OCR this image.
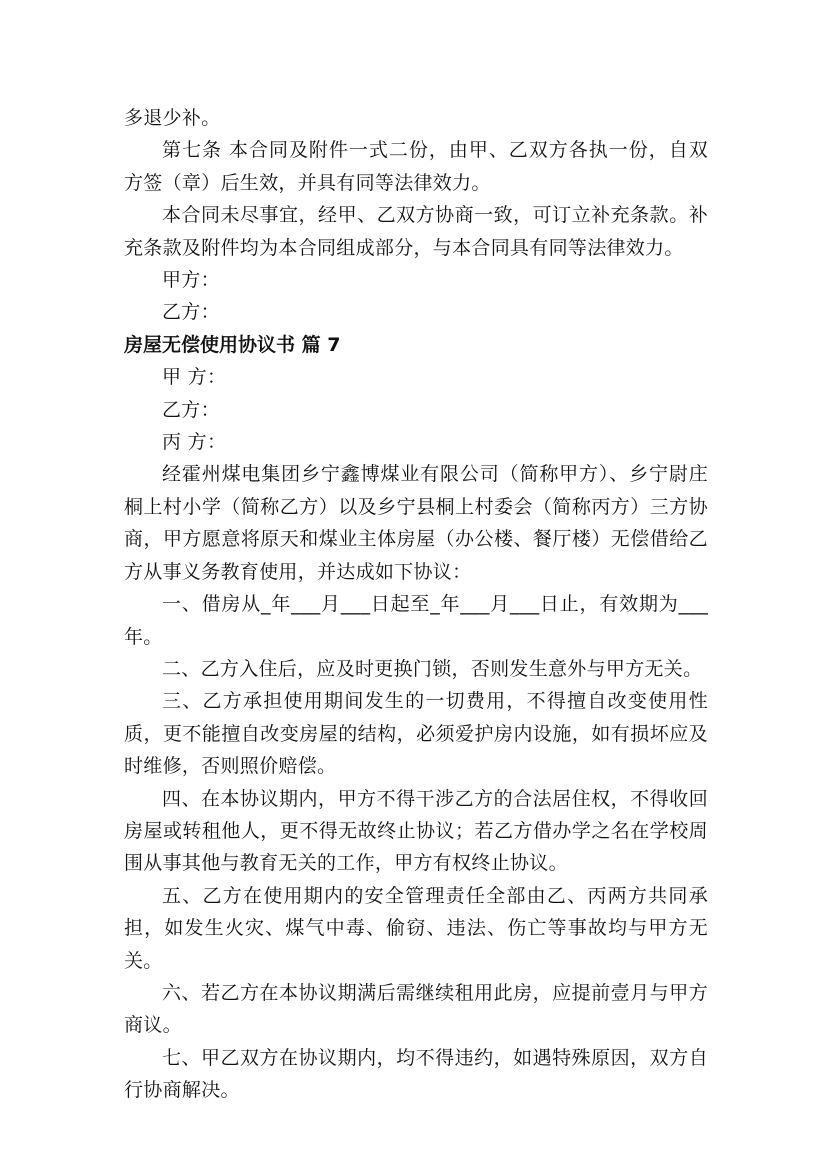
多退少补。

第七条 本合同及附件一式二份，由甲、乙双方各执一份，自双方签（章）后生效，并具有同等法律效力。

本合同未尽事宜，经甲、乙双方协商一致，可订立补充条款。补充条款及附件均为本合同组成部分，与本合同具有同等法律效力。

甲方：

乙方：

房屋无偿使用协议书 篇 7

甲 方：

乙方：

丙 方：

经霍州煤电集团乡宁鑫博煤业有限公司（简称甲方）、乡宁尉庄桐上村小学（简称乙方）以及乡宁县桐上村委会（简称丙方）三方协商，甲方愿意将原天和煤业主体房屋（办公楼、餐厅楼）无偿借给乙方从事义务教育使用，并达成如下协议：

一、借房从_年___月___日起至_年___月___日止，有效期为___年。

二、乙方入住后，应及时更换门锁，否则发生意外与甲方无关。

三、乙方承担使用期间发生的一切费用，不得擅自改变使用性质，更不能擅自改变房屋的结构，必须爱护房内设施，如有损坏应及时维修，否则照价赔偿。

四、在本协议期内，甲方不得干涉乙方的合法居住权，不得收回房屋或转租他人，更不得无故终止协议；若乙方借办学之名在学校周围从事其他与教育无关的工作，甲方有权终止协议。

五、乙方在使用期内的安全管理责任全部由乙、丙两方共同承担，如发生火灾、煤气中毒、偷窃、违法、伤亡等事故均与甲方无关。

六、若乙方在本协议期满后需继续租用此房，应提前壹月与甲方商议。

七、甲乙双方在协议期内，均不得违约，如遇特殊原因，双方自行协商解决。
